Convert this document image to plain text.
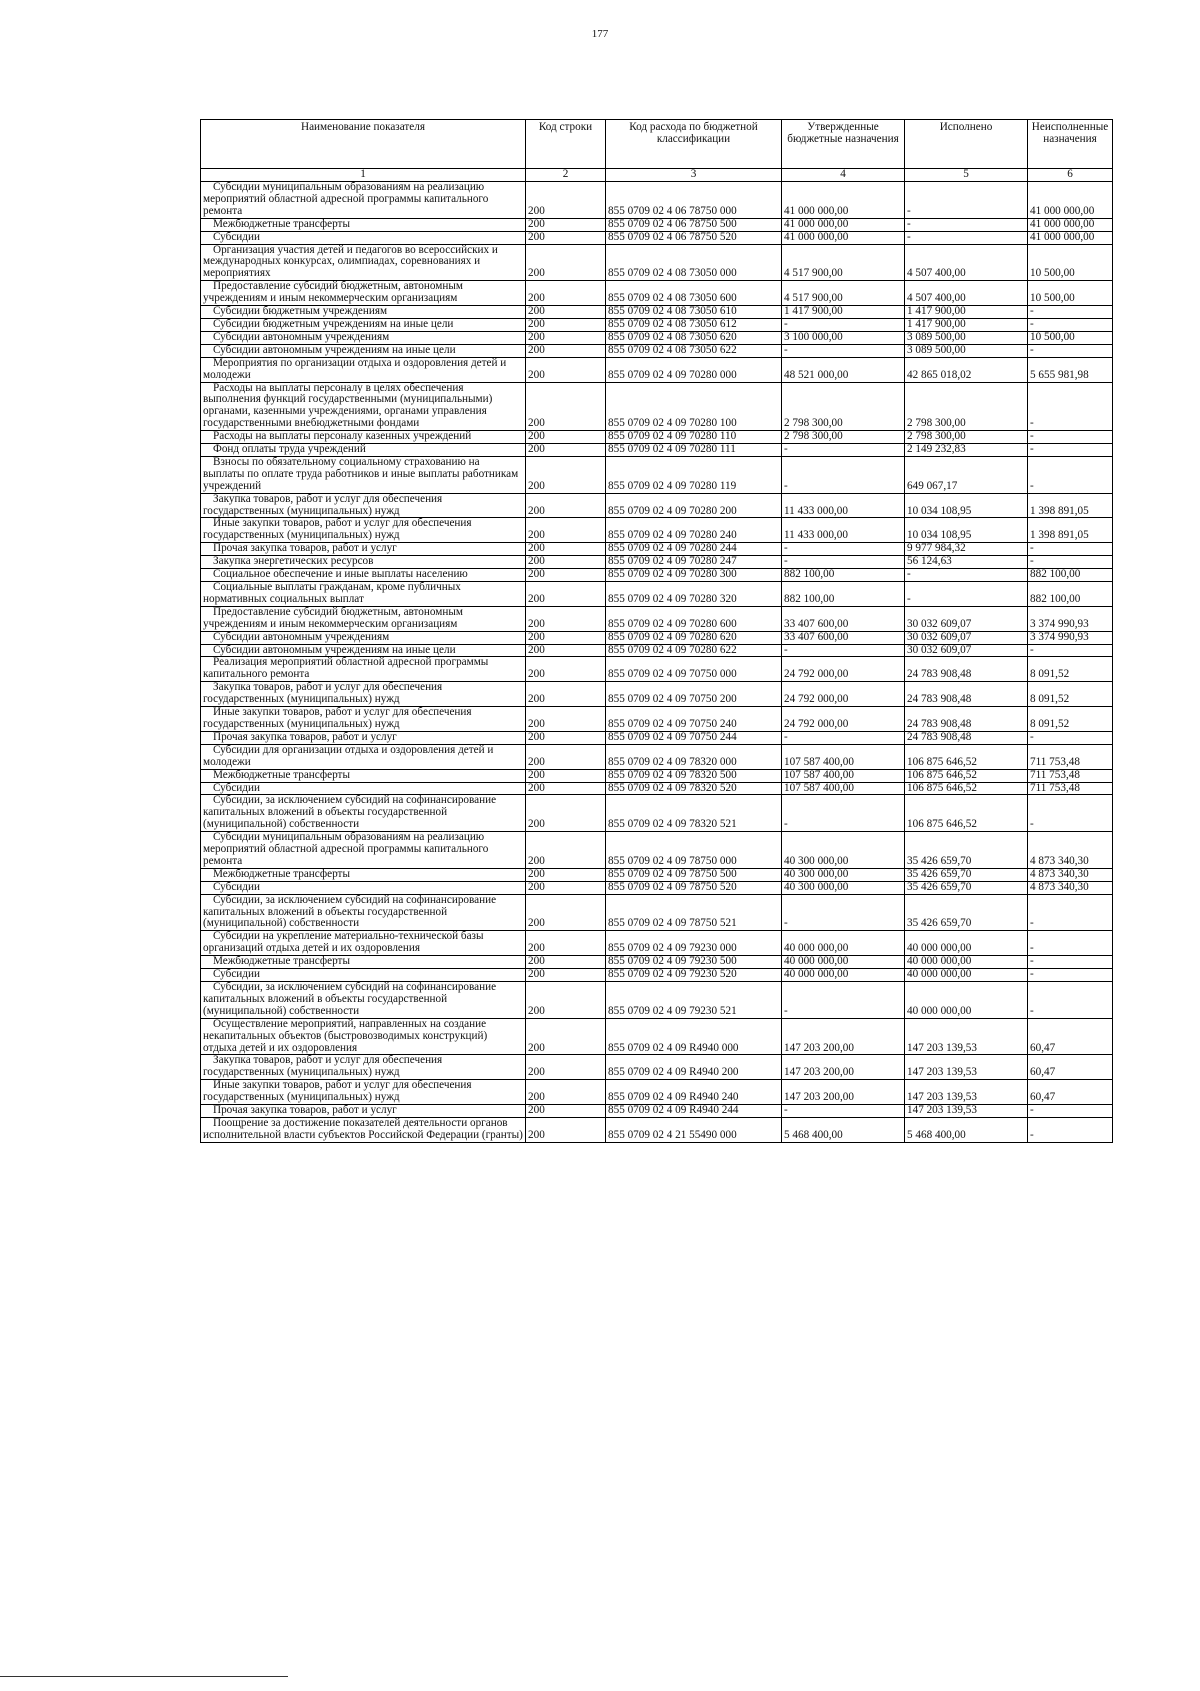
177
Наименование показателя	Код строки	Код расхода по бюджетной классификации	Утвержденные бюджетные назначения	Исполнено	Неисполненные назначения
1	2	3	4	5	6

Субсидии муниципальным образованиям на реализацию мероприятий областной адресной программы капитального ремонта	200	855 0709 02 4 06 78750 000	41 000 000,00	-	41 000 000,00

Межбюджетные трансферты	200	855 0709 02 4 06 78750 500	41 000 000,00	-	41 000 000,00

Субсидии	200	855 0709 02 4 06 78750 520	41 000 000,00	-	41 000 000,00

Организация участия детей и педагогов во всероссийских и международных конкурсах, олимпиадах, соревнованиях и мероприятиях	200	855 0709 02 4 08 73050 000	4 517 900,00	4 507 400,00	10 500,00

Предоставление субсидий бюджетным, автономным учреждениям и иным некоммерческим организациям	200	855 0709 02 4 08 73050 600	4 517 900,00	4 507 400,00	10 500,00

Субсидии бюджетным учреждениям	200	855 0709 02 4 08 73050 610	1 417 900,00	1 417 900,00	-

Субсидии бюджетным учреждениям на иные цели	200	855 0709 02 4 08 73050 612	-	1 417 900,00	-

Субсидии автономным учреждениям	200	855 0709 02 4 08 73050 620	3 100 000,00	3 089 500,00	10 500,00

Субсидии автономным учреждениям на иные цели	200	855 0709 02 4 08 73050 622	-	3 089 500,00	-

Мероприятия по организации отдыха и оздоровления детей и молодежи	200	855 0709 02 4 09 70280 000	48 521 000,00	42 865 018,02	5 655 981,98

Расходы на выплаты персоналу в целях обеспечения выполнения функций государственными (муниципальными) органами, казенными учреждениями, органами управления государственными внебюджетными фондами	200	855 0709 02 4 09 70280 100	2 798 300,00	2 798 300,00	-

Расходы на выплаты персоналу казенных учреждений	200	855 0709 02 4 09 70280 110	2 798 300,00	2 798 300,00	-

Фонд оплаты труда учреждений	200	855 0709 02 4 09 70280 111	-	2 149 232,83	-

Взносы по обязательному социальному страхованию на выплаты по оплате труда работников и иные выплаты работникам учреждений	200	855 0709 02 4 09 70280 119	-	649 067,17	-

Закупка товаров, работ и услуг для обеспечения государственных (муниципальных) нужд	200	855 0709 02 4 09 70280 200	11 433 000,00	10 034 108,95	1 398 891,05

Иные закупки товаров, работ и услуг для обеспечения государственных (муниципальных) нужд	200	855 0709 02 4 09 70280 240	11 433 000,00	10 034 108,95	1 398 891,05

Прочая закупка товаров, работ и услуг	200	855 0709 02 4 09 70280 244	-	9 977 984,32	-

Закупка энергетических ресурсов	200	855 0709 02 4 09 70280 247	-	56 124,63	-

Социальное обеспечение и иные выплаты населению	200	855 0709 02 4 09 70280 300	882 100,00	-	882 100,00

Социальные выплаты гражданам, кроме публичных нормативных социальных выплат	200	855 0709 02 4 09 70280 320	882 100,00	-	882 100,00

Предоставление субсидий бюджетным, автономным учреждениям и иным некоммерческим организациям	200	855 0709 02 4 09 70280 600	33 407 600,00	30 032 609,07	3 374 990,93

Субсидии автономным учреждениям	200	855 0709 02 4 09 70280 620	33 407 600,00	30 032 609,07	3 374 990,93

Субсидии автономным учреждениям на иные цели	200	855 0709 02 4 09 70280 622	-	30 032 609,07	-

Реализация мероприятий областной адресной программы капитального ремонта	200	855 0709 02 4 09 70750 000	24 792 000,00	24 783 908,48	8 091,52

Закупка товаров, работ и услуг для обеспечения государственных (муниципальных) нужд	200	855 0709 02 4 09 70750 200	24 792 000,00	24 783 908,48	8 091,52

Иные закупки товаров, работ и услуг для обеспечения государственных (муниципальных) нужд	200	855 0709 02 4 09 70750 240	24 792 000,00	24 783 908,48	8 091,52

Прочая закупка товаров, работ и услуг	200	855 0709 02 4 09 70750 244	-	24 783 908,48	-

Субсидии для организации отдыха и оздоровления детей и молодежи	200	855 0709 02 4 09 78320 000	107 587 400,00	106 875 646,52	711 753,48

Межбюджетные трансферты	200	855 0709 02 4 09 78320 500	107 587 400,00	106 875 646,52	711 753,48

Субсидии	200	855 0709 02 4 09 78320 520	107 587 400,00	106 875 646,52	711 753,48

Субсидии, за исключением субсидий на софинансирование капитальных вложений в объекты государственной (муниципальной) собственности	200	855 0709 02 4 09 78320 521	-	106 875 646,52	-

Субсидии муниципальным образованиям на реализацию мероприятий областной адресной программы капитального ремонта	200	855 0709 02 4 09 78750 000	40 300 000,00	35 426 659,70	4 873 340,30

Межбюджетные трансферты	200	855 0709 02 4 09 78750 500	40 300 000,00	35 426 659,70	4 873 340,30

Субсидии	200	855 0709 02 4 09 78750 520	40 300 000,00	35 426 659,70	4 873 340,30

Субсидии, за исключением субсидий на софинансирование капитальных вложений в объекты государственной (муниципальной) собственности	200	855 0709 02 4 09 78750 521	-	35 426 659,70	-

Субсидии на укрепление материально-технической базы организаций отдыха детей и их оздоровления	200	855 0709 02 4 09 79230 000	40 000 000,00	40 000 000,00	-

Межбюджетные трансферты	200	855 0709 02 4 09 79230 500	40 000 000,00	40 000 000,00	-

Субсидии	200	855 0709 02 4 09 79230 520	40 000 000,00	40 000 000,00	-

Субсидии, за исключением субсидий на софинансирование капитальных вложений в объекты государственной (муниципальной) собственности	200	855 0709 02 4 09 79230 521	-	40 000 000,00	-

Осуществление мероприятий, направленных на создание некапитальных объектов (быстровозводимых конструкций) отдыха детей и их оздоровления	200	855 0709 02 4 09 R4940 000	147 203 200,00	147 203 139,53	60,47

Закупка товаров, работ и услуг для обеспечения государственных (муниципальных) нужд	200	855 0709 02 4 09 R4940 200	147 203 200,00	147 203 139,53	60,47

Иные закупки товаров, работ и услуг для обеспечения государственных (муниципальных) нужд	200	855 0709 02 4 09 R4940 240	147 203 200,00	147 203 139,53	60,47

Прочая закупка товаров, работ и услуг	200	855 0709 02 4 09 R4940 244	-	147 203 139,53	-

Поощрение за достижение показателей деятельности органов исполнительной власти субъектов Российской Федерации (гранты)	200	855 0709 02 4 21 55490 000	5 468 400,00	5 468 400,00	-
